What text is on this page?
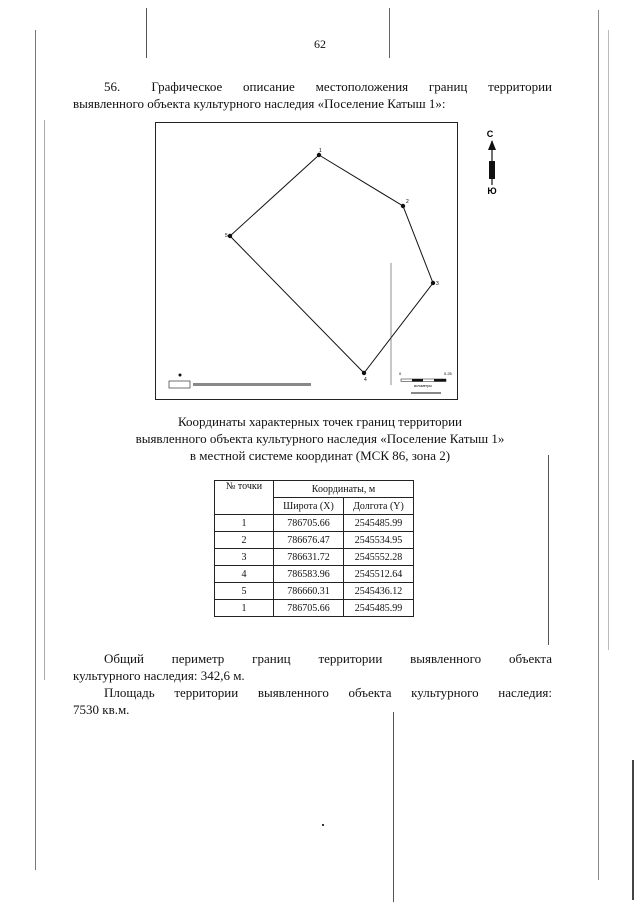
62
56.   Графическое  описание  местоположения  границ  территории
выявленного объекта культурного наследия «Поселение Катыш 1»:
1
2
3
4
5
С
Ю
0	0.25
километры
Координаты характерных точек границ территории
выявленного объекта культурного наследия «Поселение Катыш 1»
в местной системе координат (МСК 86, зона 2)
№ точки	Координаты, м	
	Широта (X)	Долгота (Y)
1	786705.66	2545485.99
2	786676.47	2545534.95
3	786631.72	2545552.28
4	786583.96	2545512.64
5	786660.31	2545436.12
1	786705.66	2545485.99
Общий    периметр    границ    территории    выявленного    объекта
культурного наследия: 342,6 м.
Площадь  территории  выявленного  объекта  культурного  наследия:
7530 кв.м.
